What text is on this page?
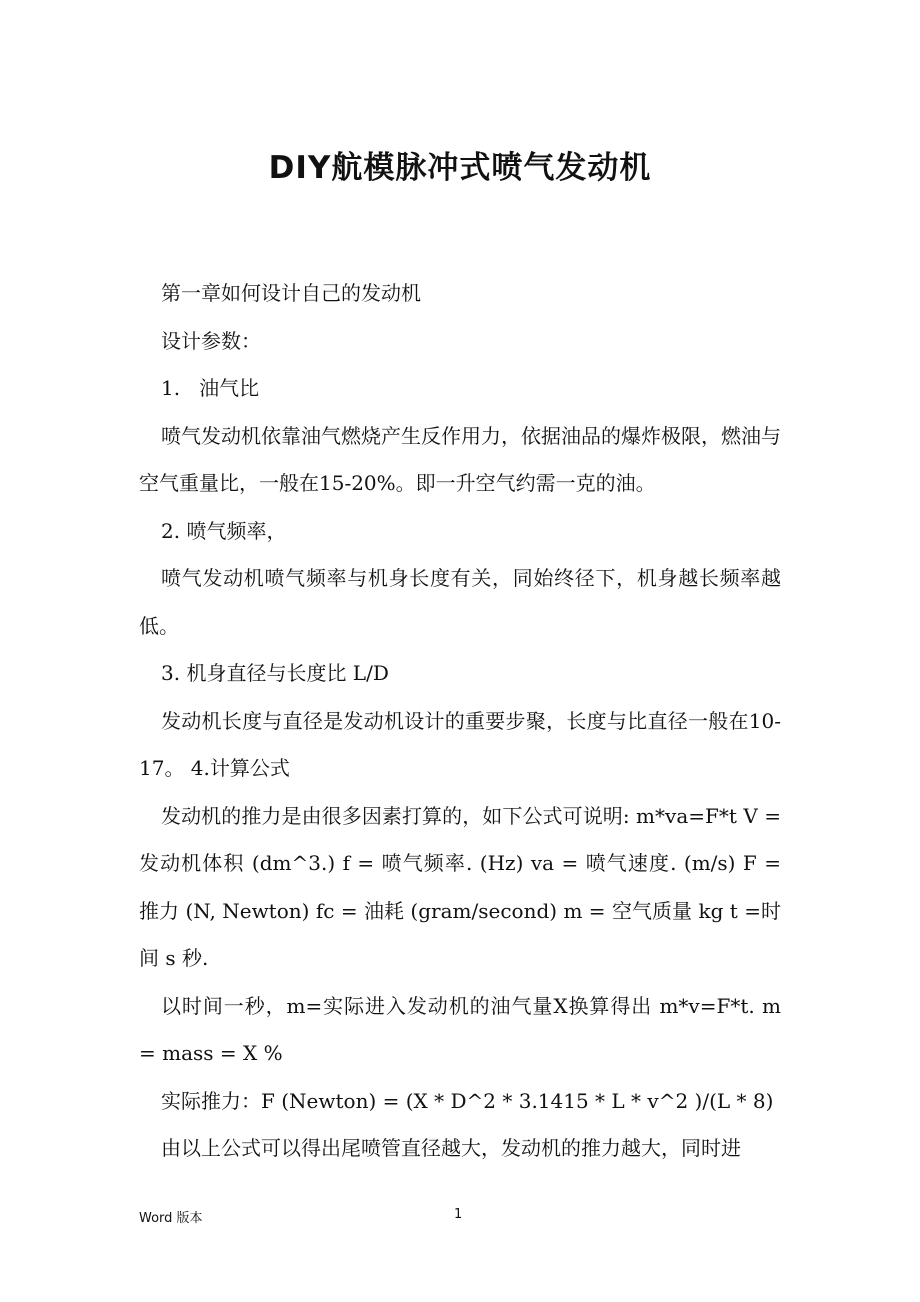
DIY航模脉冲式喷气发动机

第一章如何设计自己的发动机

设计参数：

1.   油气比

喷气发动机依靠油气燃烧产生反作用力，依据油品的爆炸极限，燃油与空气重量比，一般在15-20%。即一升空气约需一克的油。

2. 喷气频率，

喷气发动机喷气频率与机身长度有关，同始终径下，机身越长频率越低。

3. 机身直径与长度比 L/D

发动机长度与直径是发动机设计的重要步聚，长度与比直径一般在10-17。 4.计算公式

发动机的推力是由很多因素打算的，如下公式可说明: m*va=F*t V = 发动机体积 (dm^3.) f = 喷气频率. (Hz) va = 喷气速度. (m/s) F = 推力 (N, Newton) fc = 油耗 (gram/second) m = 空气质量 kg t =时间 s 秒.

以时间一秒，m=实际进入发动机的油气量X换算得出 m*v=F*t. m = mass = X %

实际推力：F (Newton) = (X * D^2 * 3.1415 * L * v^2 )/(L * 8)

由以上公式可以得出尾喷管直径越大，发动机的推力越大，同时进

Word 版本	1
